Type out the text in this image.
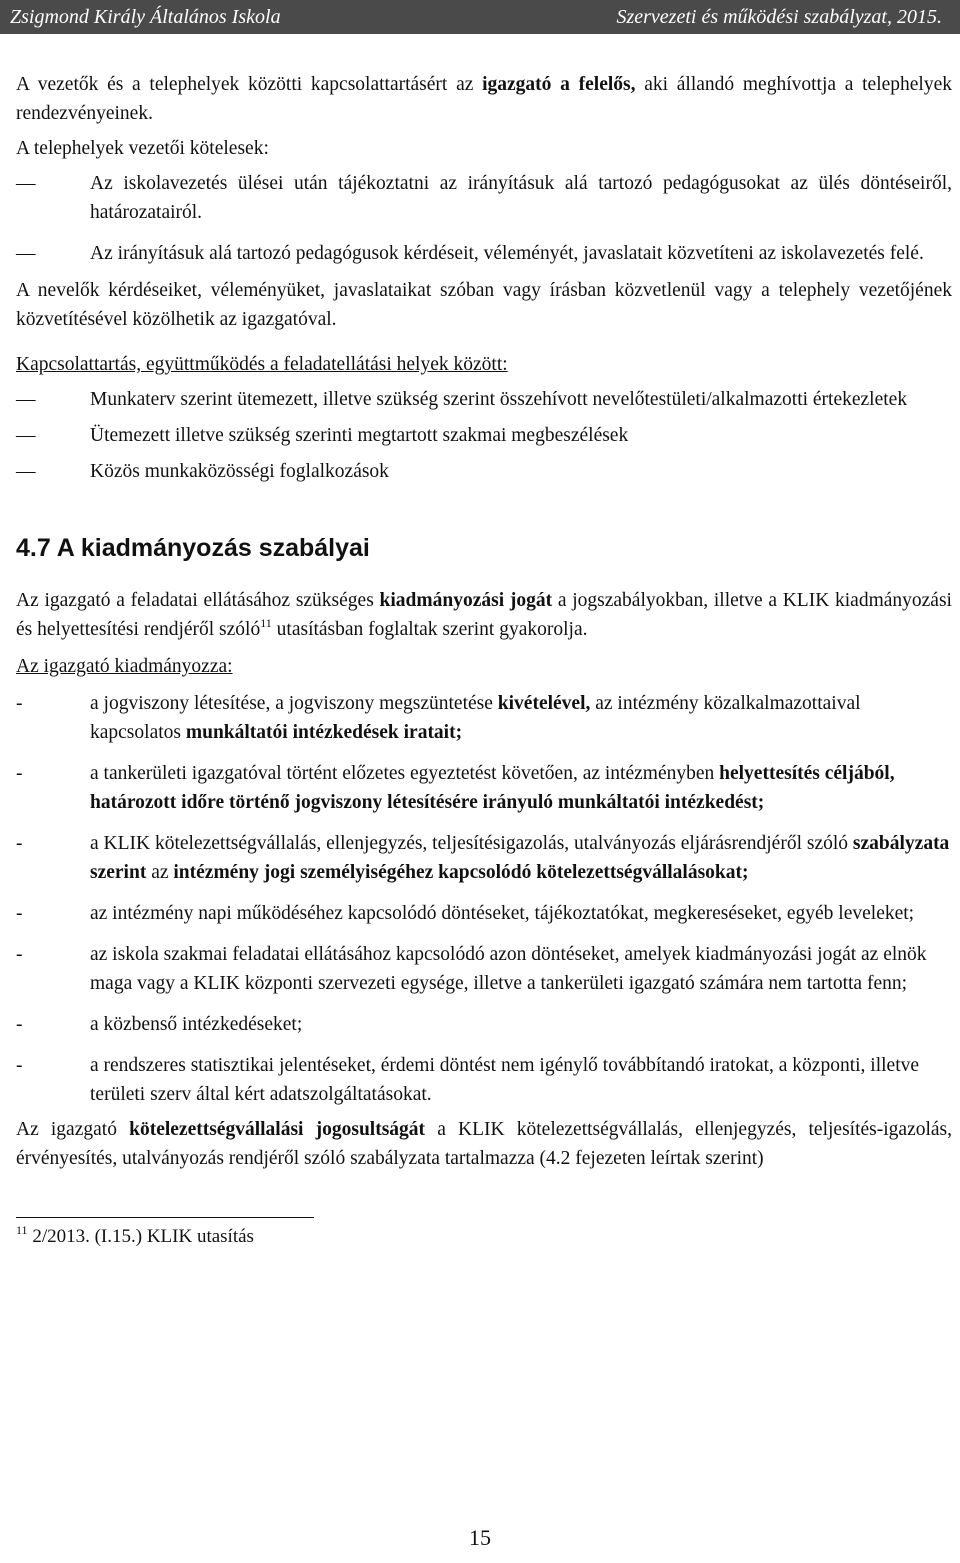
Zsigmond Király Általános Iskola	Szervezeti és működési szabályzat, 2015.

A vezetők és a telephelyek közötti kapcsolattartásért az igazgató a felelős, aki állandó meghívottja a telephelyek rendezvényeinek.

A telephelyek vezetői kötelesek:

—	Az iskolavezetés ülései után tájékoztatni az irányításuk alá tartozó pedagógusokat az ülés döntéseiről, határozatairól.
—	Az irányításuk alá tartozó pedagógusok kérdéseit, véleményét, javaslatait közvetíteni az iskolavezetés felé.

A nevelők kérdéseiket, véleményüket, javaslataikat szóban vagy írásban közvetlenül vagy a telephely vezetőjének közvetítésével közölhetik az igazgatóval.

Kapcsolattartás, együttműködés a feladatellátási helyek között:

—	Munkaterv szerint ütemezett, illetve szükség szerint összehívott nevelőtestületi/alkalmazotti értekezletek
—	Ütemezett illetve szükség szerinti megtartott szakmai megbeszélések
—	Közös munkaközösségi foglalkozások
4.7 A kiadmányozás szabályai

Az igazgató a feladatai ellátásához szükséges kiadmányozási jogát a jogszabályokban, illetve a KLIK kiadmányozási és helyettesítési rendjéről szóló$^{11}$ utasításban foglaltak szerint gyakorolja.

Az igazgató kiadmányozza:

-	a jogviszony létesítése, a jogviszony megszüntetése kivételével, az intézmény közalkalmazottaival kapcsolatos munkáltatói intézkedések iratait;
-	a tankerületi igazgatóval történt előzetes egyeztetést követően, az intézményben helyettesítés céljából, határozott időre történő jogviszony létesítésére irányuló munkáltatói intézkedést;
-	a KLIK kötelezettségvállalás, ellenjegyzés, teljesítésigazolás, utalványozás eljárásrendjéről szóló szabályzata szerint az intézmény jogi személyiségéhez kapcsolódó kötelezettségvállalásokat;
-	az intézmény napi működéséhez kapcsolódó döntéseket, tájékoztatókat, megkereséseket, egyéb leveleket;
-	az iskola szakmai feladatai ellátásához kapcsolódó azon döntéseket, amelyek kiadmányozási jogát az elnök maga vagy a KLIK központi szervezeti egysége, illetve a tankerületi igazgató számára nem tartotta fenn;
-	a közbenső intézkedéseket;
-	a rendszeres statisztikai jelentéseket, érdemi döntést nem igénylő továbbítandó iratokat, a központi, illetve területi szerv által kért adatszolgáltatásokat.

Az igazgató kötelezettségvállalási jogosultságát a KLIK kötelezettségvállalás, ellenjegyzés, teljesítés-igazolás, érvényesítés, utalványozás rendjéről szóló szabályzata tartalmazza (4.2 fejezeten leírtak szerint)

$^{11}$ 2/2013. (I.15.) KLIK utasítás

15
